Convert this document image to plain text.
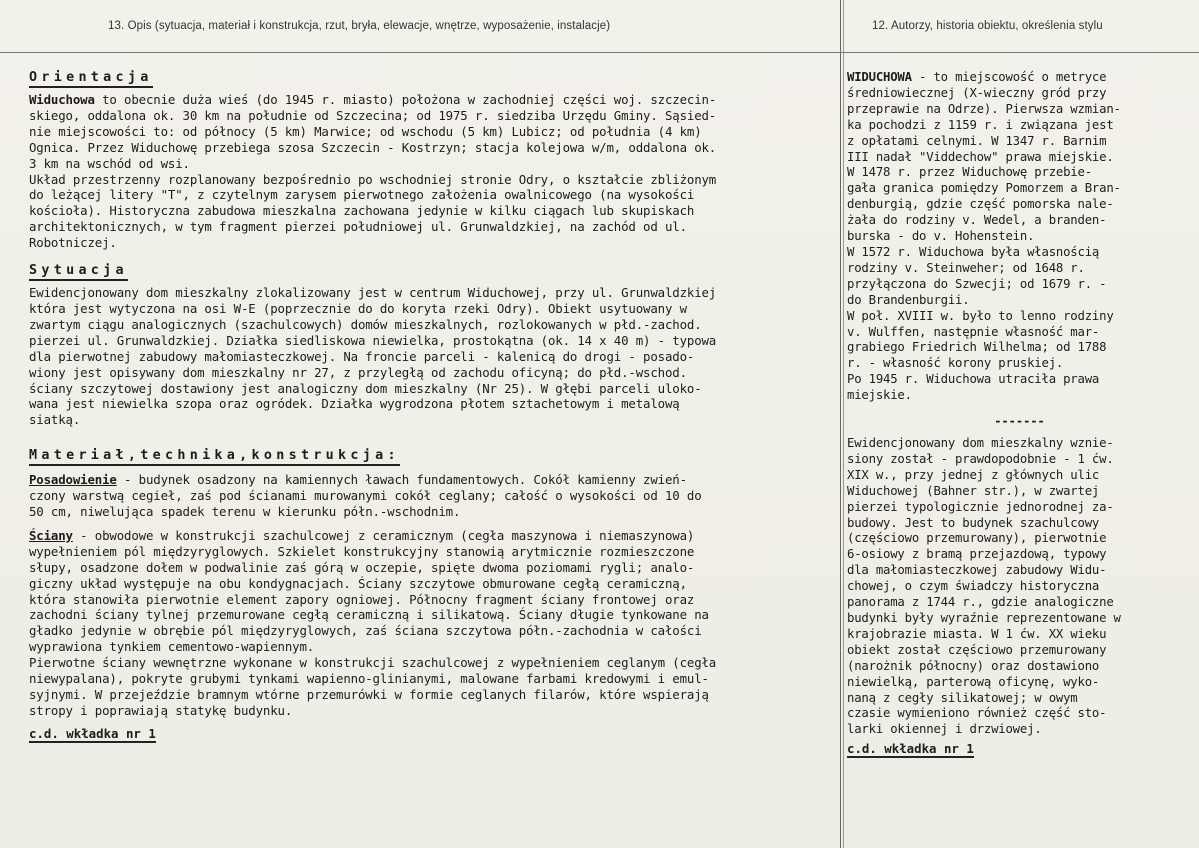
13. Opis (sytuacja, materiał i konstrukcja, rzut, bryła, elewacje, wnętrze, wyposażenie, instalacje)	12. Autorzy, historia obiektu, określenia stylu
Orientacja

Widuchowa to obecnie duża wieś (do 1945 r. miasto) położona w zachodniej części woj. szczecin-
skiego, oddalona ok. 30 km na południe od Szczecina; od 1975 r. siedziba Urzędu Gminy. Sąsied-
nie miejscowości to: od północy (5 km) Marwice; od wschodu (5 km) Lubicz; od południa (4 km)
Ognica. Przez Widuchowę przebiega szosa Szczecin - Kostrzyn; stacja kolejowa w/m, oddalona ok.
3 km na wschód od wsi.
Układ przestrzenny rozplanowany bezpośrednio po wschodniej stronie Odry, o kształcie zbliżonym
do leżącej litery "T", z czytelnym zarysem pierwotnego założenia owalnicowego (na wysokości
kościoła). Historyczna zabudowa mieszkalna zachowana jedynie w kilku ciągach lub skupiskach
architektonicznych, w tym fragment pierzei południowej ul. Grunwaldzkiej, na zachód od ul.
Robotniczej.

Sytuacja

Ewidencjonowany dom mieszkalny zlokalizowany jest w centrum Widuchowej, przy ul. Grunwaldzkiej
która jest wytyczona na osi W-E (poprzecznie do do koryta rzeki Odry). Obiekt usytuowany w
zwartym ciągu analogicznych (szachulcowych) domów mieszkalnych, rozlokowanych w płd.-zachod.
pierzei ul. Grunwaldzkiej. Działka siedliskowa niewielka, prostokątna (ok. 14 x 40 m) - typowa
dla pierwotnej zabudowy małomiasteczkowej. Na froncie parceli - kalenicą do drogi - posado-
wiony jest opisywany dom mieszkalny nr 27, z przyległą od zachodu oficyną; do płd.-wschod.
ściany szczytowej dostawiony jest analogiczny dom mieszkalny (Nr 25). W głębi parceli uloko-
wana jest niewielka szopa oraz ogródek. Działka wygrodzona płotem sztachetowym i metalową
siatką.

Materiał,technika,konstrukcja:

Posadowienie - budynek osadzony na kamiennych ławach fundamentowych. Cokół kamienny zwień-
czony warstwą cegieł, zaś pod ścianami murowanymi cokół ceglany; całość o wysokości od 10 do
50 cm, niwelująca spadek terenu w kierunku półn.-wschodnim.

Ściany - obwodowe w konstrukcji szachulcowej z ceramicznym (cegła maszynowa i niemaszynowa)
wypełnieniem pól międzyryglowych. Szkielet konstrukcyjny stanowią arytmicznie rozmieszczone
słupy, osadzone dołem w podwalinie zaś górą w oczepie, spięte dwoma poziomami rygli; analo-
giczny układ występuje na obu kondygnacjach. Ściany szczytowe obmurowane cegłą ceramiczną,
która stanowiła pierwotnie element zapory ogniowej. Północny fragment ściany frontowej oraz
zachodni ściany tylnej przemurowane cegłą ceramiczną i silikatową. Ściany długie tynkowane na
gładko jedynie w obrębie pól międzyryglowych, zaś ściana szczytowa półn.-zachodnia w całości
wyprawiona tynkiem cementowo-wapiennym.
Pierwotne ściany wewnętrzne wykonane w konstrukcji szachulcowej z wypełnieniem ceglanym (cegła
niewypalana), pokryte grubymi tynkami wapienno-glinianymi, malowane farbami kredowymi i emul-
syjnymi. W przejeździe bramnym wtórne przemurówki w formie ceglanych filarów, które wspierają
stropy i poprawiają statykę budynku.

c.d. wkładka nr 1

WIDUCHOWA - to miejscowość o metryce
średniowiecznej (X-wieczny gród przy
przeprawie na Odrze). Pierwsza wzmian-
ka pochodzi z 1159 r. i związana jest
z opłatami celnymi. W 1347 r. Barnim
III nadał "Viddechow" prawa miejskie.
W 1478 r. przez Widuchowę przebie-
gała granica pomiędzy Pomorzem a Bran-
denburgią, gdzie część pomorska nale-
żała do rodziny v. Wedel, a branden-
burska - do v. Hohenstein.
W 1572 r. Widuchowa była własnością
rodziny v. Steinweher; od 1648 r.
przyłączona do Szwecji; od 1679 r. -
do Brandenburgii.
W poł. XVIII w. było to lenno rodziny
v. Wulffen, następnie własność mar-
grabiego Friedrich Wilhelma; od 1788
r. - własność korony pruskiej.
Po 1945 r. Widuchowa utraciła prawa
miejskie.

-------

Ewidencjonowany dom mieszkalny wznie-
siony został - prawdopodobnie - 1 ćw.
XIX w., przy jednej z głównych ulic
Widuchowej (Bahner str.), w zwartej
pierzei typologicznie jednorodnej za-
budowy. Jest to budynek szachulcowy
(częściowo przemurowany), pierwotnie
6-osiowy z bramą przejazdową, typowy
dla małomiasteczkowej zabudowy Widu-
chowej, o czym świadczy historyczna
panorama z 1744 r., gdzie analogiczne
budynki były wyraźnie reprezentowane w
krajobrazie miasta. W 1 ćw. XX wieku
obiekt został częściowo przemurowany
(narożnik północny) oraz dostawiono
niewielką, parterową oficynę, wyko-
naną z cegły silikatowej; w owym
czasie wymieniono również część sto-
larki okiennej i drzwiowej.

c.d. wkładka nr 1
